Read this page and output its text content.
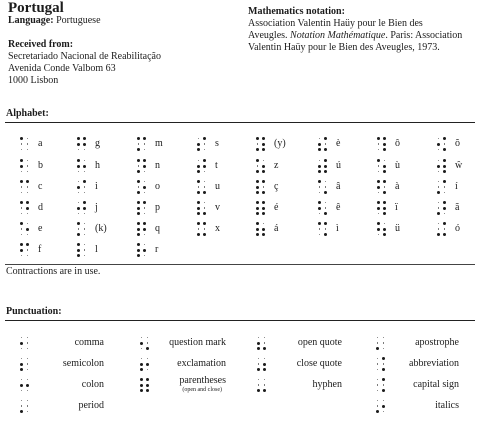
Portugal
Language: Portuguese
Received from:
Secretariado Nacional de Reabilitação
Avenida Conde Valbom 63
1000 Lisbon
Mathematics notation:
Association Valentin Haüy pour le Bien des
Aveugles. Notation Mathématique. Paris: Association
Valentin Haüy pour le Bien des Aveugles, 1973.
Alphabet:
a
b
c
d
e
f
g
h
i
j
(k)
l
m
n
o
p
q
r
s
t
u
v
x
(y)
z
ç
é
á
è
ú
â
ê
ì
ô
ù
à
ï
ü
õ
ŵ
í
ã
ó
Contractions are in use.
Punctuation:
comma
semicolon
colon
period
question mark
exclamation
parentheses
(open and close)
open quote
close quote
hyphen
apostrophe
abbreviation
capital sign
italics
